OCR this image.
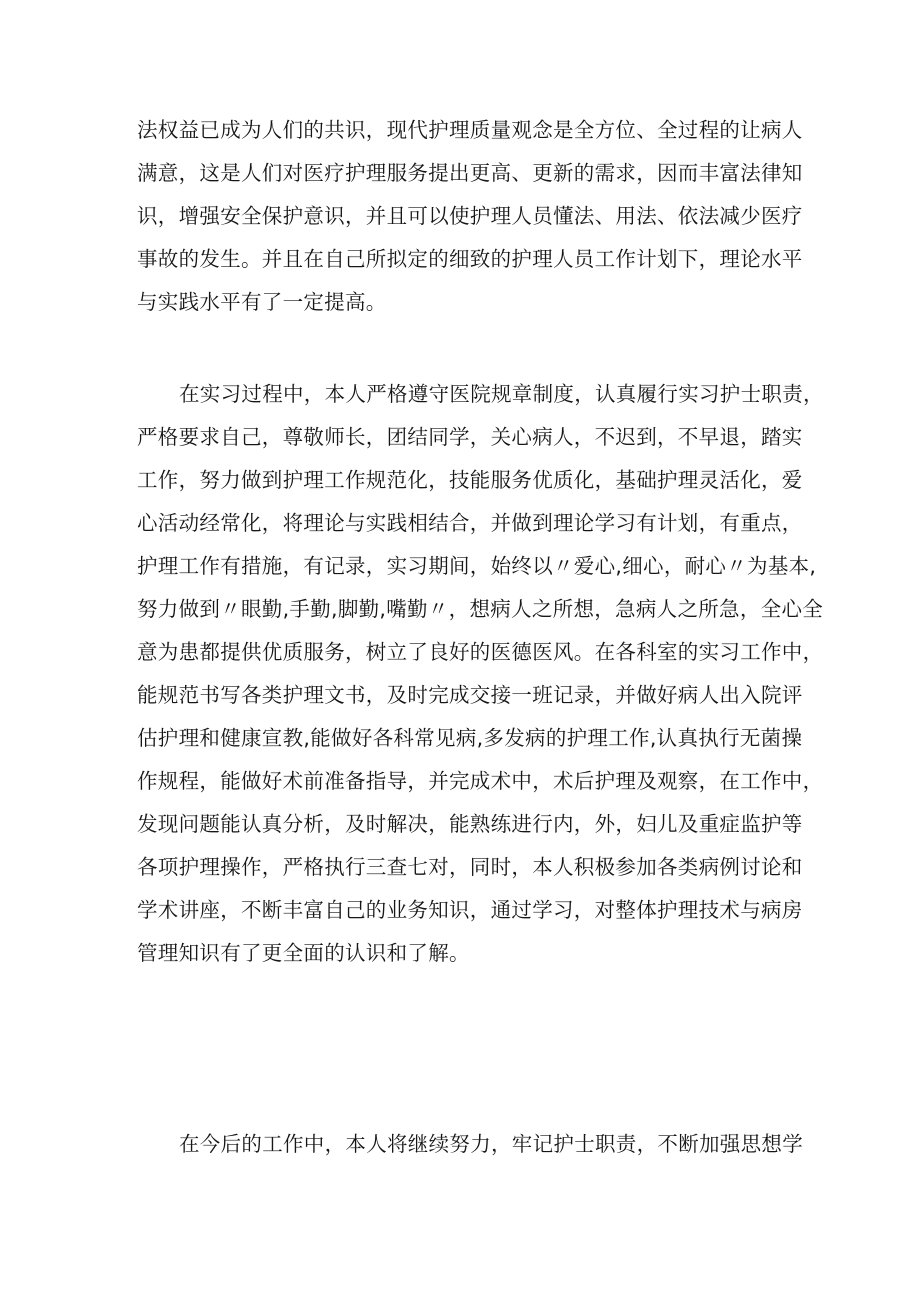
法权益已成为人们的共识，现代护理质量观念是全方位、全过程的让病人
满意，这是人们对医疗护理服务提出更高、更新的需求，因而丰富法律知
识，增强安全保护意识，并且可以使护理人员懂法、用法、依法减少医疗
事故的发生。并且在自己所拟定的细致的护理人员工作计划下，理论水平
与实践水平有了一定提高。
在实习过程中，本人严格遵守医院规章制度，认真履行实习护士职责，
严格要求自己，尊敬师长，团结同学，关心病人，不迟到，不早退，踏实
工作，努力做到护理工作规范化，技能服务优质化，基础护理灵活化，爱
心活动经常化，将理论与实践相结合，并做到理论学习有计划，有重点，
护理工作有措施，有记录，实习期间，始终以〃爱心,细心，耐心〃为基本,
努力做到〃眼勤,手勤,脚勤,嘴勤〃，想病人之所想，急病人之所急，全心全
意为患都提供优质服务，树立了良好的医德医风。在各科室的实习工作中，
能规范书写各类护理文书，及时完成交接一班记录，并做好病人出入院评
估护理和健康宣教,能做好各科常见病,多发病的护理工作,认真执行无菌操
作规程，能做好术前准备指导，并完成术中，术后护理及观察，在工作中，
发现问题能认真分析，及时解决，能熟练进行内，外，妇儿及重症监护等
各项护理操作，严格执行三查七对，同时，本人积极参加各类病例讨论和
学术讲座，不断丰富自己的业务知识，通过学习，对整体护理技术与病房
管理知识有了更全面的认识和了解。
在今后的工作中，本人将继续努力，牢记护士职责，不断加强思想学
